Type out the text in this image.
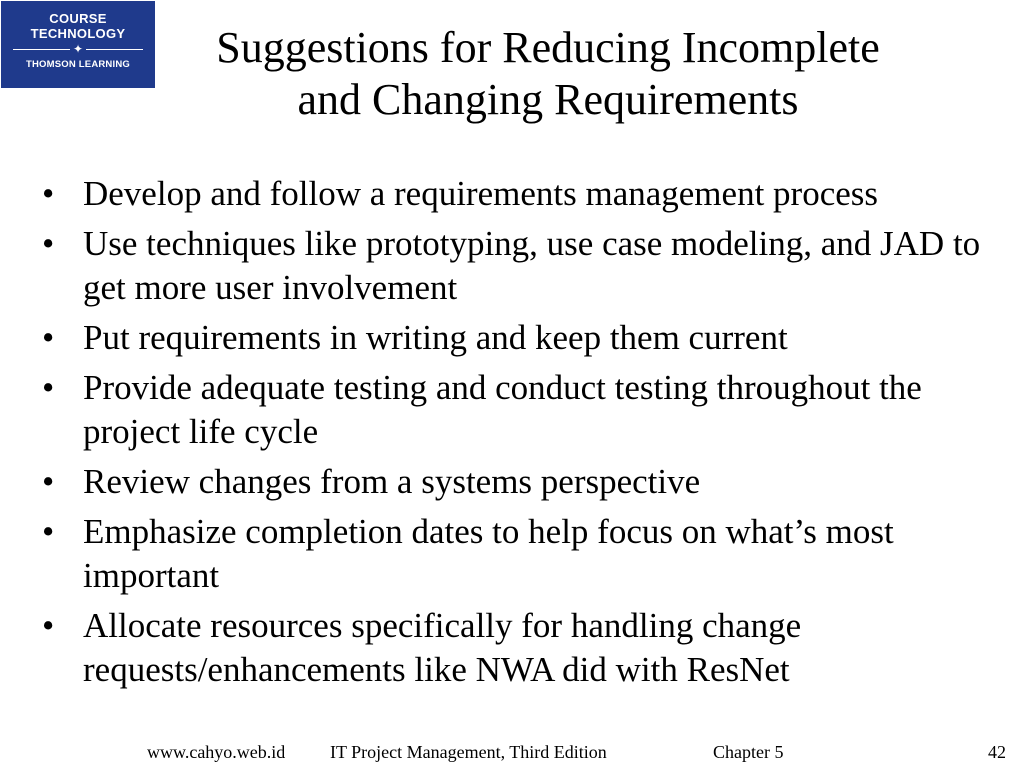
COURSE
TECHNOLOGY
✦
THOMSON LEARNING	Suggestions for Reducing Incomplete
and Changing Requirements
• Develop and follow a requirements management process
• Use techniques like prototyping, use case modeling, and JAD to get more user involvement
• Put requirements in writing and keep them current
• Provide adequate testing and conduct testing throughout the project life cycle
• Review changes from a systems perspective
• Emphasize completion dates to help focus on what’s most important
• Allocate resources specifically for handling change requests/enhancements like NWA did with ResNet
www.cahyo.web.id IT Project Management, Third Edition	Chapter 5	42
